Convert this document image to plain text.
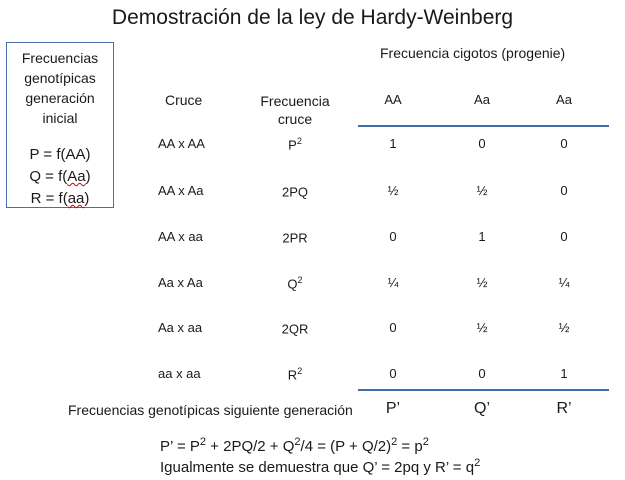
Demostración de la ley de Hardy-Weinberg
Frecuencias
genotípicas
generación
inicial
P = f(AA)
Q = f(Aa)
R = f(aa)
Frecuencia cigotos (progenie)
Cruce	Frecuencia
cruce
AA	Aa	Aa
AA x AA	$P^2$	1	0	0
AA x Aa	2PQ	½	½	0
AA x aa	2PR	0	1	0
Aa x Aa	$Q^2$	¼	½	¼
Aa x aa	2QR	0	½	½
aa x aa	$R^2$	0	0	1
Frecuencias genotípicas siguiente generación	P’	Q’	R’
P’ = $P^2 + 2PQ/2 + Q^2/4 = (P + Q/2)^2 = p^2$
Igualmente se demuestra que Q’ = 2pq y R’ = $q^2$
